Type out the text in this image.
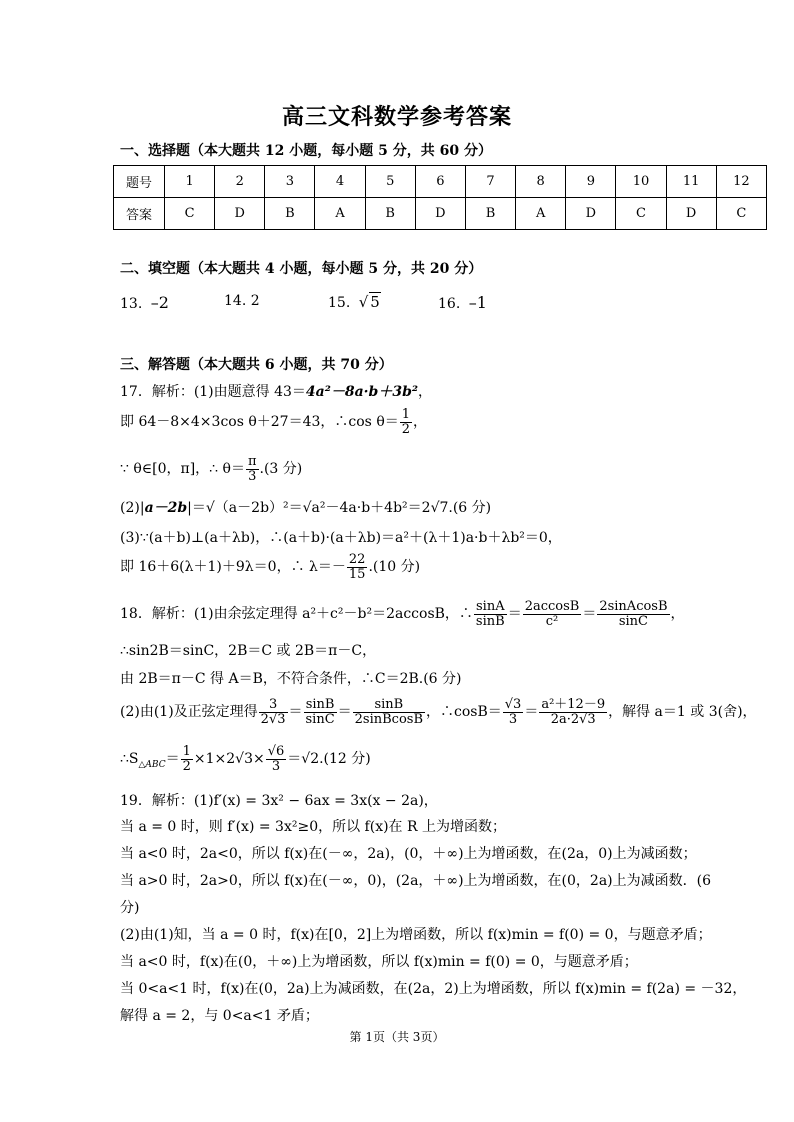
高三文科数学参考答案
一、选择题（本大题共 12 小题，每小题 5 分，共 60 分）
题号	1	2	3	4	5	6	7	8	9	10	11	12
答案	C	D	B	A	B	D	B	A	D	C	D	C
二、填空题（本大题共 4 小题，每小题 5 分，共 20 分）
13. –2	14. 2	15. √ 5	16. –1
三、解答题（本大题共 6 小题，共 70 分）
17．解析：(1)由题意得 43＝4a²－8a·b＋3b²，
即 64－8×4×3cos θ＋27＝43，∴cos $\theta= \frac{1}{2}$ ，
∵ θ∈[0，π]，∴ $\theta= \frac{\pi}{3} .(3$ 分)
(2)|a－2b|＝√（a－2b）²＝√a²－4a·b＋4b²＝2√7.(6 分)
(3)∵(a＋b)⊥(a＋λb)，∴(a＋b)·(a＋λb)＝a²＋(λ＋1)a·b＋λb²＝0，
即 16＋6(λ＋1)＋9λ＝0，∴ $\lambda=- \frac{22}{15} .(10$ 分)
18．解析：(1)由余弦定理得 a²＋c²－b²＝2accosB，∴ $\frac{\sin A}{\sin B} = \frac{2accosB}{\text{c²}} = \frac{\text{2sinAcosB}}{\sin C}$ ，
∴sin2B＝sinC，2B＝C 或 2B＝π－C，
由 2B＝π－C 得 A＝B，不符合条件，∴C＝2B.(6 分)
(2)由(1)及正弦定理得 $\frac{3}{2√3} = \frac{\sin B}{\sin C} = \frac{\sin B}{\text{2sinBcosB}}$ ，∴cosB＝ $\frac{√3}{3} = \frac{\text{a²＋12－9}}{2a\cdot 2√3}$ ，解得 a＝1 或 3(舍)，
$\therefore S_{\triangle ABC}= \frac{1}{2} \times 1\times 2√3\times \frac{√6}{3} =√2.(12$ 分)
19．解析：(1)f′(x) = 3x² − 6ax = 3x(x − 2a)，
当 a = 0 时，则 f′(x) = 3x²≥0，所以 f(x)在 R 上为增函数；
当 a<0 时，2a<0，所以 f(x)在(－∞，2a)，(0，＋∞)上为增函数，在(2a，0)上为减函数；
当 a>0 时，2a>0，所以 f(x)在(－∞，0)，(2a，＋∞)上为增函数，在(0，2a)上为减函数．(6
分)
(2)由(1)知，当 a = 0 时，f(x)在[0，2]上为增函数，所以 f(x)min = f(0) = 0，与题意矛盾；
当 a<0 时，f(x)在(0，＋∞)上为增函数，所以 f(x)min = f(0) = 0，与题意矛盾；
当 0<a<1 时，f(x)在(0，2a)上为减函数，在(2a，2)上为增函数，所以 f(x)min = f(2a) = －32，
解得 a = 2，与 0<a<1 矛盾；
第 1页（共 3页）
